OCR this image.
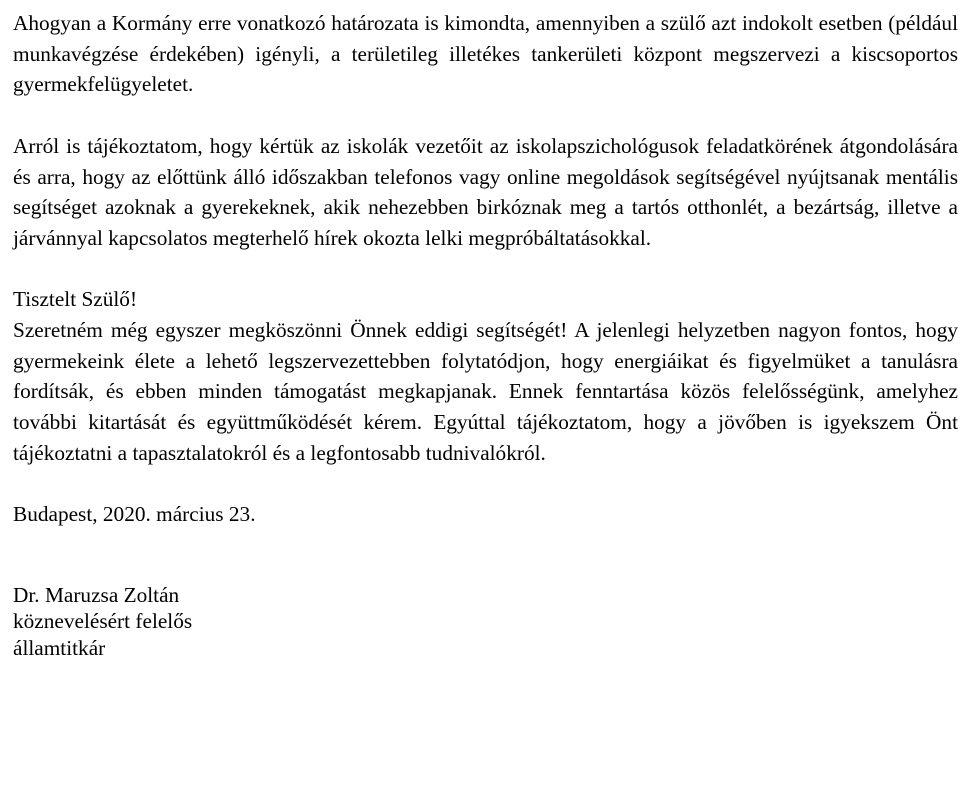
Ahogyan a Kormány erre vonatkozó határozata is kimondta, amennyiben a szülő azt indokolt esetben (például munkavégzése érdekében) igényli, a területileg illetékes tankerületi központ megszervezi a kiscsoportos gyermekfelügyeletet.

Arról is tájékoztatom, hogy kértük az iskolák vezetőit az iskolapszichológusok feladatkörének átgondolására és arra, hogy az előttünk álló időszakban telefonos vagy online megoldások segítségével nyújtsanak mentális segítséget azoknak a gyerekeknek, akik nehezebben birkóznak meg a tartós otthonlét, a bezártság, illetve a járvánnyal kapcsolatos megterhelő hírek okozta lelki megpróbáltatásokkal.

Tisztelt Szülő!

Szeretném még egyszer megköszönni Önnek eddigi segítségét! A jelenlegi helyzetben nagyon fontos, hogy gyermekeink élete a lehető legszervezettebben folytatódjon, hogy energiáikat és figyelmüket a tanulásra fordítsák, és ebben minden támogatást megkapjanak. Ennek fenntartása közös felelősségünk, amelyhez további kitartását és együttműködését kérem. Egyúttal tájékoztatom, hogy a jövőben is igyekszem Önt tájékoztatni a tapasztalatokról és a legfontosabb tudnivalókról.

Budapest, 2020. március 23.

Dr. Maruzsa Zoltán

köznevelésért felelős

államtitkár
